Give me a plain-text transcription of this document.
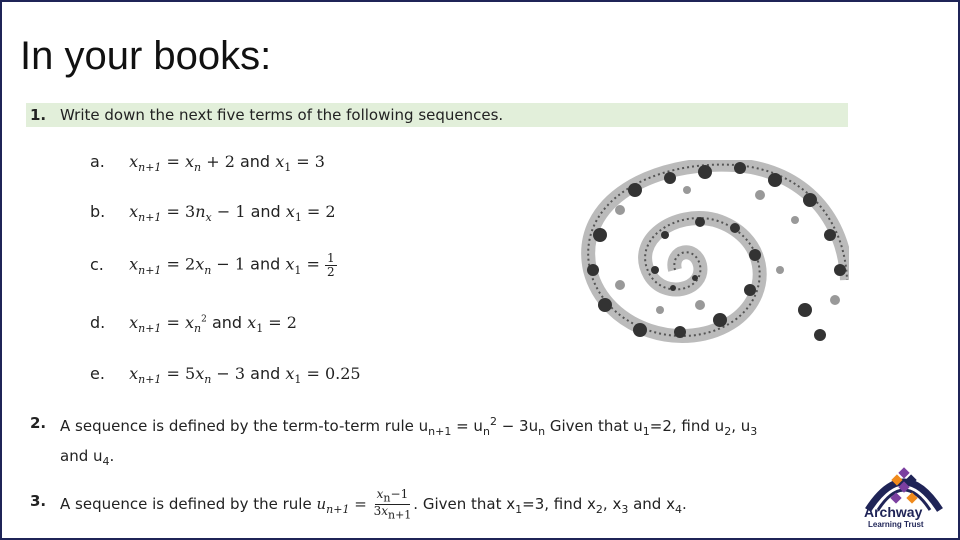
In your books:
1. Write down the next five terms of the following sequences.
a. $x_{n+1} = x_n + 2$ and $x_1 = 3$
b. $x_{n+1} = 3n_x - 1$ and $x_1 = 2$
c. $x_{n+1} = 2x_n - 1$ and $x_1 = \frac{1}{2}$
d. $x_{n+1} = x_n^2$ and $x_1 = 2$
e. $x_{n+1} = 5x_n - 3$ and $x_1 = 0.25$
2. A sequence is defined by the term-to-term rule $u_{n+1} = u_n^2 - 3u_n$ Given that $u_1=2$, find $u_2$, $u_3$
and $u_4$.
3. A sequence is defined by the rule $u_{n+1} = \frac{x_n-1}{3x_{n+1}}$ . Given that $x_1=3$, find $x_2$, $x_3$ and $x_4$.	Archway
Learning Trust
